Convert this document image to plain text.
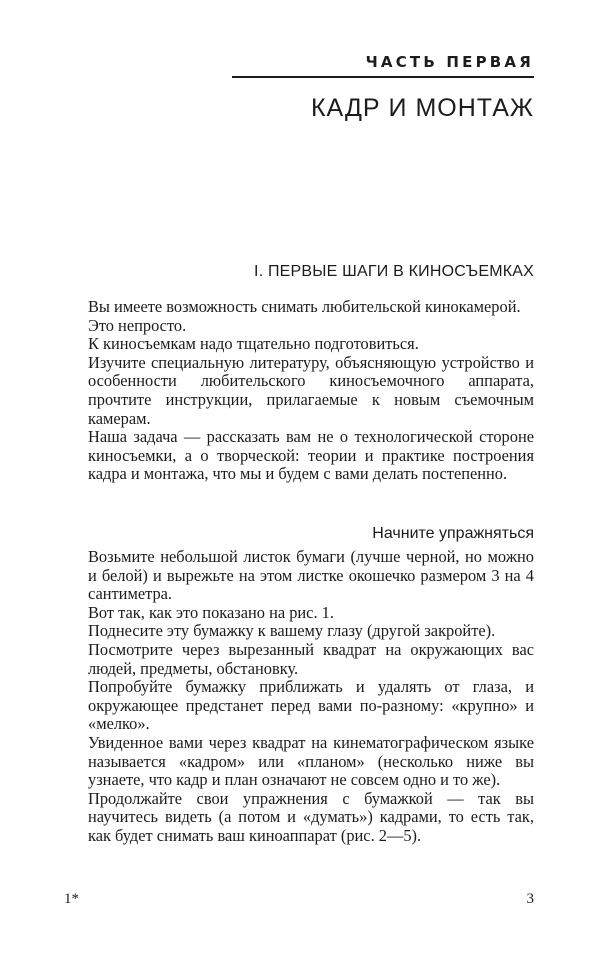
ЧАСТЬ ПЕРВАЯ
КАДР И МОНТАЖ
I. ПЕРВЫЕ ШАГИ В КИНОСЪЕМКАХ

Вы имеете возможность снимать любительской кинокамерой.

Это непросто.

К киносъемкам надо тщательно подготовиться.

Изучите специальную литературу, объясняющую устройство и особенности любительского киносъемочного аппарата, прочтите инструкции, прилагаемые к новым съемочным камерам.

Наша задача — рассказать вам не о технологической стороне киносъемки, а о творческой: теории и практике построения кадра и монтажа, что мы и будем с вами делать постепенно.

Начните упражняться

Возьмите небольшой листок бумаги (лучше черной, но можно и белой) и вырежьте на этом листке окошечко размером 3 на 4 сантиметра.

Вот так, как это показано на рис. 1.

Поднесите эту бумажку к вашему глазу (другой закройте).

Посмотрите через вырезанный квадрат на окружающих вас людей, предметы, обстановку.

Попробуйте бумажку приближать и удалять от глаза, и окружающее предстанет перед вами по-разному: «крупно» и «мелко».

Увиденное вами через квадрат на кинематографическом языке называется «кадром» или «планом» (несколько ниже вы узнаете, что кадр и план означают не совсем одно и то же).

Продолжайте свои упражнения с бумажкой — так вы научитесь видеть (а потом и «думать») кадрами, то есть так, как будет снимать ваш киноаппарат (рис. 2—5).

1*	3
